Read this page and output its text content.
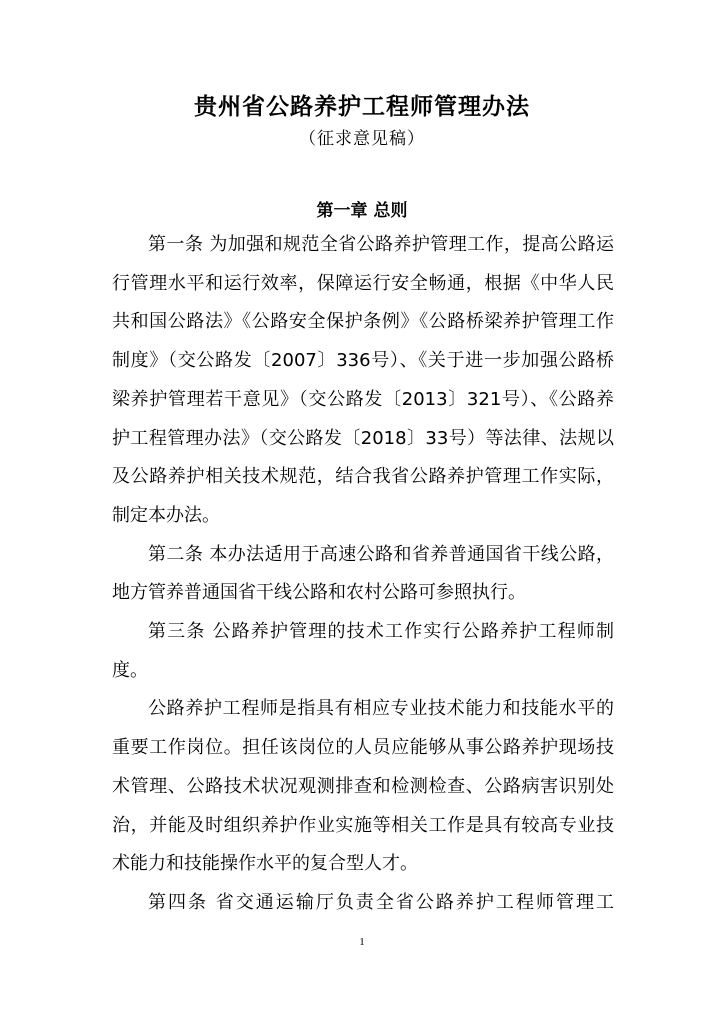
贵州省公路养护工程师管理办法
（征求意见稿）
第一章 总则

第一条 为加强和规范全省公路养护管理工作，提高公路运行管理水平和运行效率，保障运行安全畅通，根据《中华人民共和国公路法》《公路安全保护条例》《公路桥梁养护管理工作制度》（交公路发〔2007〕336号）、《关于进一步加强公路桥梁养护管理若干意见》（交公路发〔2013〕321号）、《公路养护工程管理办法》（交公路发〔2018〕33号）等法律、法规以及公路养护相关技术规范，结合我省公路养护管理工作实际，制定本办法。

第二条 本办法适用于高速公路和省养普通国省干线公路，地方管养普通国省干线公路和农村公路可参照执行。

第三条 公路养护管理的技术工作实行公路养护工程师制度。

公路养护工程师是指具有相应专业技术能力和技能水平的重要工作岗位。担任该岗位的人员应能够从事公路养护现场技术管理、公路技术状况观测排查和检测检查、公路病害识别处治，并能及时组织养护作业实施等相关工作是具有较高专业技术能力和技能操作水平的复合型人才。

第四条 省交通运输厅负责全省公路养护工程师管理工

1
